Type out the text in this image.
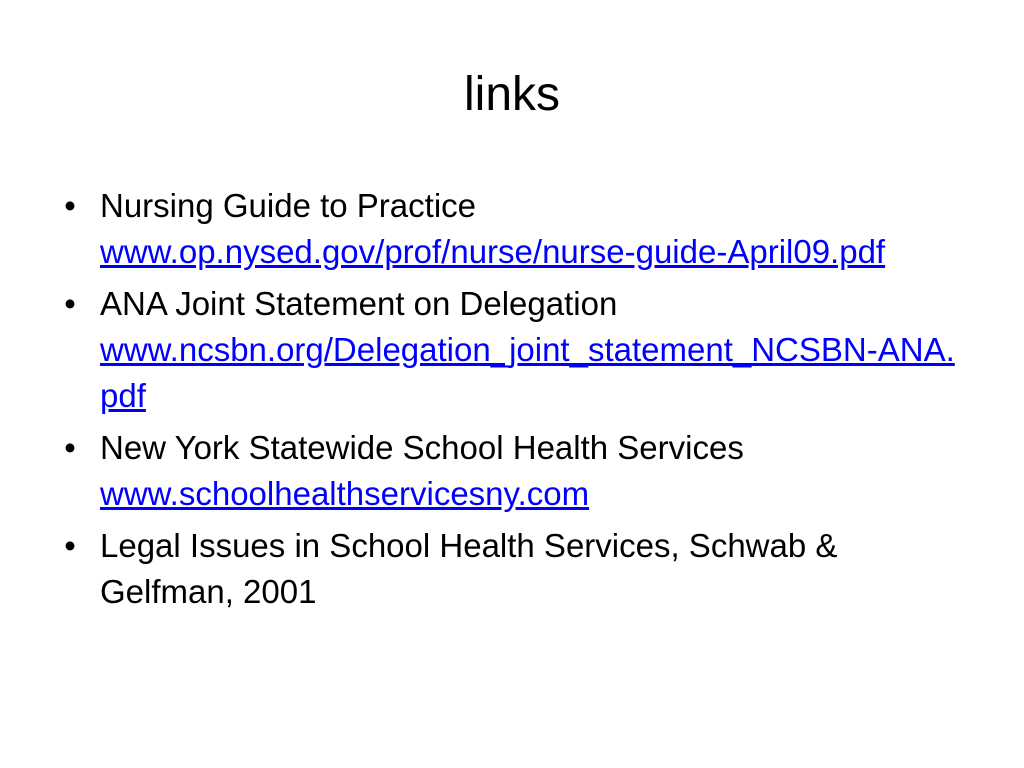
links
• Nursing Guide to Practice
www.op.nysed.gov/prof/nurse/nurse-guide-April09.pdf
• ANA Joint Statement on Delegation
www.ncsbn.org/Delegation_joint_statement_NCSBN-ANA.pdf
• New York Statewide School Health Services
www.schoolhealthservicesny.com
• Legal Issues in School Health Services, Schwab & Gelfman, 2001
